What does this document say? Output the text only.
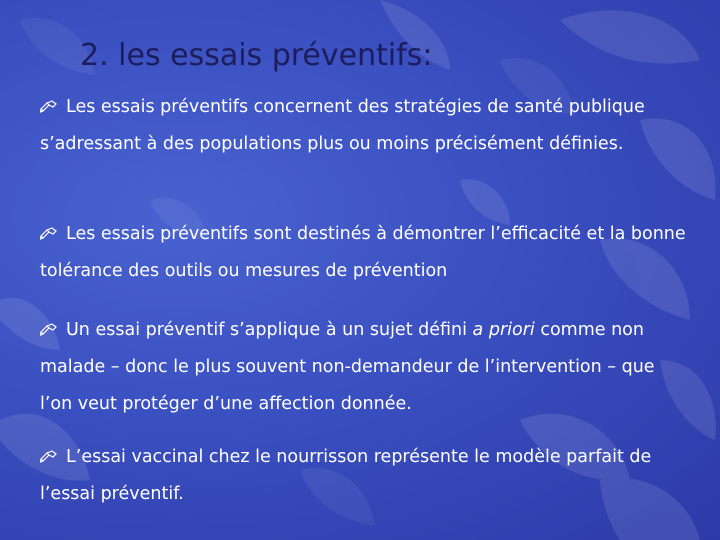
2. les essais préventifs:

Les essais préventifs concernent des stratégies de santé publique s’adressant à des populations plus ou moins précisément définies.

Les essais préventifs sont destinés à démontrer l’efficacité et la bonne tolérance des outils ou mesures de prévention

Un essai préventif s’applique à un sujet défini a priori comme non malade – donc le plus souvent non-demandeur de l’intervention – que l’on veut protéger d’une affection donnée.

L’essai vaccinal chez le nourrisson représente le modèle parfait de l’essai préventif.
